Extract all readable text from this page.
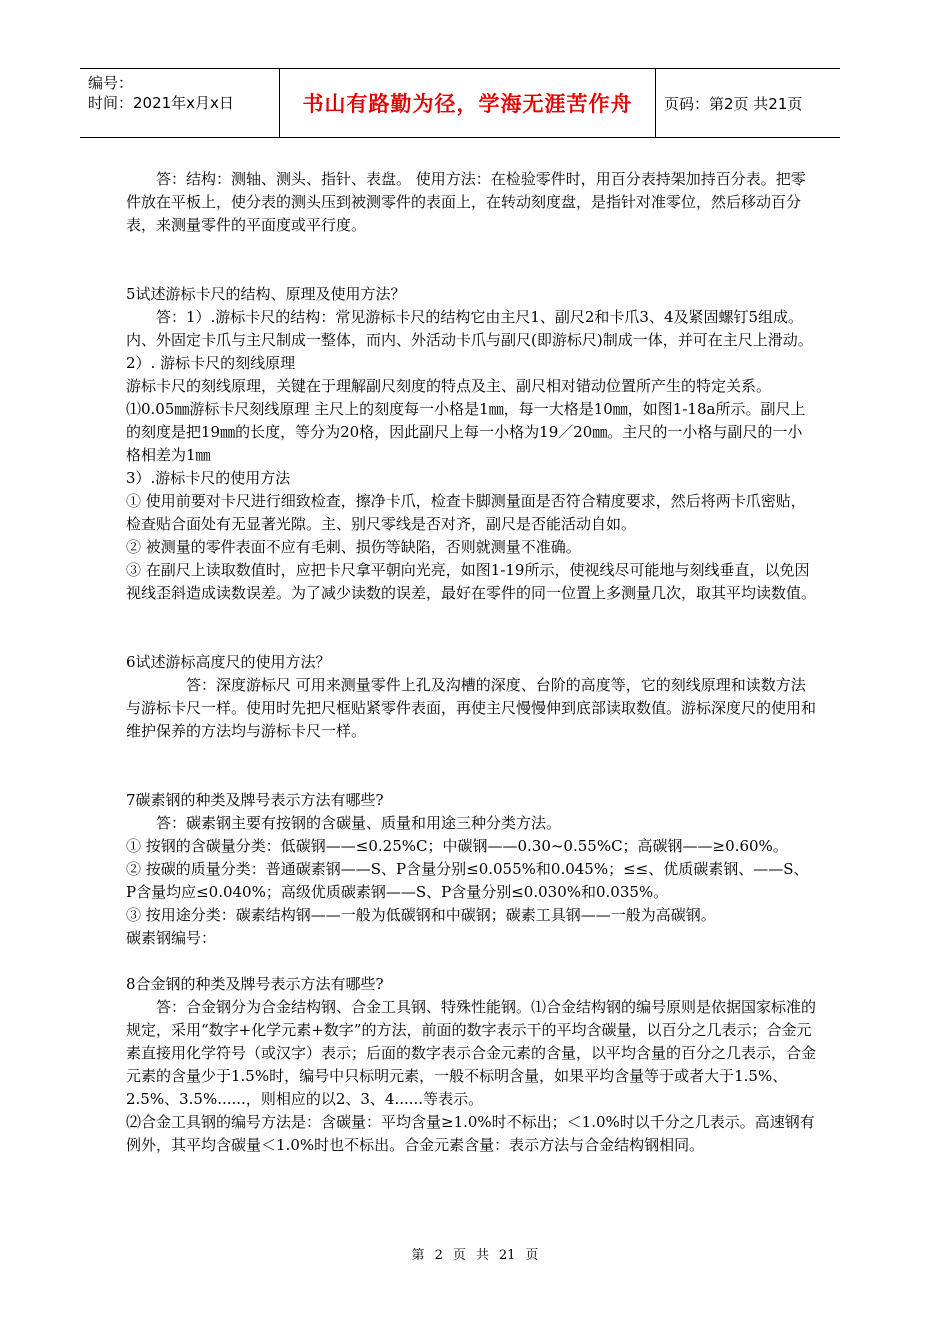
编号：
时间：2021年x月x日	书山有路勤为径，学海无涯苦作舟	页码：第2页 共21页

答：结构：测轴、测头、指针、表盘。 使用方法：在检验零件时，用百分表持架加持百分表。把零件放在平板上，使分表的测头压到被测零件的表面上，在转动刻度盘，是指针对准零位，然后移动百分表，来测量零件的平面度或平行度。

5试述游标卡尺的结构、原理及使用方法？

答：1）.游标卡尺的结构：常见游标卡尺的结构它由主尺1、副尺2和卡爪3、4及紧固螺钉5组成。内、外固定卡爪与主尺制成一整体，而内、外活动卡爪与副尺(即游标尺)制成一体，并可在主尺上滑动。2）. 游标卡尺的刻线原理

游标卡尺的刻线原理，关键在于理解副尺刻度的特点及主、副尺相对错动位置所产生的特定关系。

⑴0.05㎜游标卡尺刻线原理 主尺上的刻度每一小格是1㎜，每一大格是10㎜，如图1-18a所示。副尺上的刻度是把19㎜的长度，等分为20格，因此副尺上每一小格为19／20㎜。主尺的一小格与副尺的一小格相差为1㎜

3）.游标卡尺的使用方法

① 使用前要对卡尺进行细致检查，擦净卡爪，检查卡脚测量面是否符合精度要求，然后将两卡爪密贴，检查贴合面处有无显著光隙。主、别尺零线是否对齐，副尺是否能活动自如。

② 被测量的零件表面不应有毛刺、损伤等缺陷，否则就测量不准确。

③ 在副尺上读取数值时，应把卡尺拿平朝向光亮，如图1-19所示，使视线尽可能地与刻线垂直，以免因视线歪斜造成读数误差。为了减少读数的误差，最好在零件的同一位置上多测量几次，取其平均读数值。

6试述游标高度尺的使用方法？

答：深度游标尺 可用来测量零件上孔及沟槽的深度、台阶的高度等，它的刻线原理和读数方法与游标卡尺一样。使用时先把尺框贴紧零件表面，再使主尺慢慢伸到底部读取数值。游标深度尺的使用和维护保养的方法均与游标卡尺一样。

7碳素钢的种类及牌号表示方法有哪些?

答：碳素钢主要有按钢的含碳量、质量和用途三种分类方法。

① 按钢的含碳量分类：低碳钢——≤0.25%C；中碳钢——0.30~0.55%C；高碳钢——≥0.60%。

② 按碳的质量分类：普通碳素钢——S、P含量分别≤0.055%和0.045%；≤≤、优质碳素钢、——S、P含量均应≤0.040%；高级优质碳素钢——S、P含量分别≤0.030%和0.035%。

③ 按用途分类：碳素结构钢——一般为低碳钢和中碳钢；碳素工具钢——一般为高碳钢。

碳素钢编号：

8合金钢的种类及牌号表示方法有哪些?

答：合金钢分为合金结构钢、合金工具钢、特殊性能钢。⑴合金结构钢的编号原则是依据国家标准的规定，采用“数字+化学元素+数字”的方法，前面的数字表示干的平均含碳量，以百分之几表示；合金元素直接用化学符号（或汉字）表示；后面的数字表示合金元素的含量，以平均含量的百分之几表示，合金元素的含量少于1.5%时，编号中只标明元素，一般不标明含量，如果平均含量等于或者大于1.5%、2.5%、3.5%......，则相应的以2、3、4......等表示。

⑵合金工具钢的编号方法是：含碳量：平均含量≥1.0%时不标出；＜1.0%时以千分之几表示。高速钢有例外，其平均含碳量＜1.0%时也不标出。合金元素含量：表示方法与合金结构钢相同。

第 2 页 共 21 页
